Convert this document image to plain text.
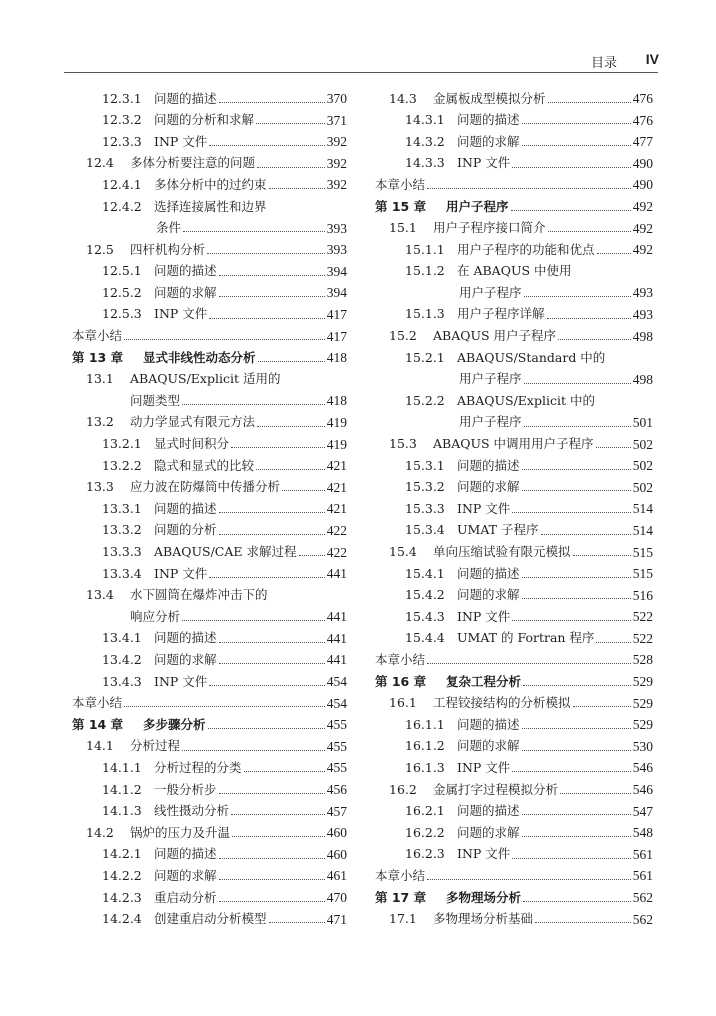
目录 IV
12.3.1 问题的描述	370
12.3.2 问题的分析和求解	371
12.3.3 INP 文件	392
12.4	多体分析要注意的问题	392
12.4.1 多体分析中的过约束	392
12.4.2 选择连接属性和边界
条件	393
12.5	四杆机构分析	393
12.5.1 问题的描述	394
12.5.2 问题的求解	394
12.5.3 INP 文件	417
本章小结	417
第 13 章	显式非线性动态分析	418
13.1	ABAQUS/Explicit 适用的
问题类型	418
13.2	动力学显式有限元方法	419
13.2.1 显式时间积分	419
13.2.2 隐式和显式的比较	421
13.3	应力波在防爆筒中传播分析	421
13.3.1 问题的描述	421
13.3.2 问题的分析	422
13.3.3 ABAQUS/CAE 求解过程 422
13.3.4 INP 文件	441
13.4	水下圆筒在爆炸冲击下的
响应分析	441
13.4.1 问题的描述	441
13.4.2 问题的求解	441
13.4.3 INP 文件	454
本章小结	454
第 14 章	多步骤分析	455
14.1	分析过程	455
14.1.1 分析过程的分类	455
14.1.2 一般分析步	456
14.1.3 线性摄动分析	457
14.2	锅炉的压力及升温	460
14.2.1 问题的描述	460
14.2.2 问题的求解	461
14.2.3 重启动分析	470
14.2.4 创建重启动分析模型	471
14.3	金属板成型模拟分析	476
14.3.1 问题的描述	476
14.3.2 问题的求解	477
14.3.3 INP 文件	490
本章小结	490
第 15 章	用户子程序	492
15.1	用户子程序接口简介	492
15.1.1 用户子程序的功能和优点	492
15.1.2 在 ABAQUS 中使用
用户子程序	493
15.1.3 用户子程序详解	493
15.2	ABAQUS 用户子程序	498
15.2.1 ABAQUS/Standard 中的
用户子程序	498
15.2.2 ABAQUS/Explicit 中的
用户子程序	501
15.3	ABAQUS 中调用用户子程序	502
15.3.1 问题的描述	502
15.3.2 问题的求解	502
15.3.3 INP 文件	514
15.3.4 UMAT 子程序	514
15.4	单向压缩试验有限元模拟	515
15.4.1 问题的描述	515
15.4.2 问题的求解	516
15.4.3 INP 文件	522
15.4.4 UMAT 的 Fortran 程序	522
本章小结	528
第 16 章	复杂工程分析	529
16.1	工程铰接结构的分析模拟	529
16.1.1 问题的描述	529
16.1.2 问题的求解	530
16.1.3 INP 文件	546
16.2	金属打字过程模拟分析	546
16.2.1 问题的描述	547
16.2.2 问题的求解	548
16.2.3 INP 文件	561
本章小结	561
第 17 章	多物理场分析	562
17.1	多物理场分析基础	562
